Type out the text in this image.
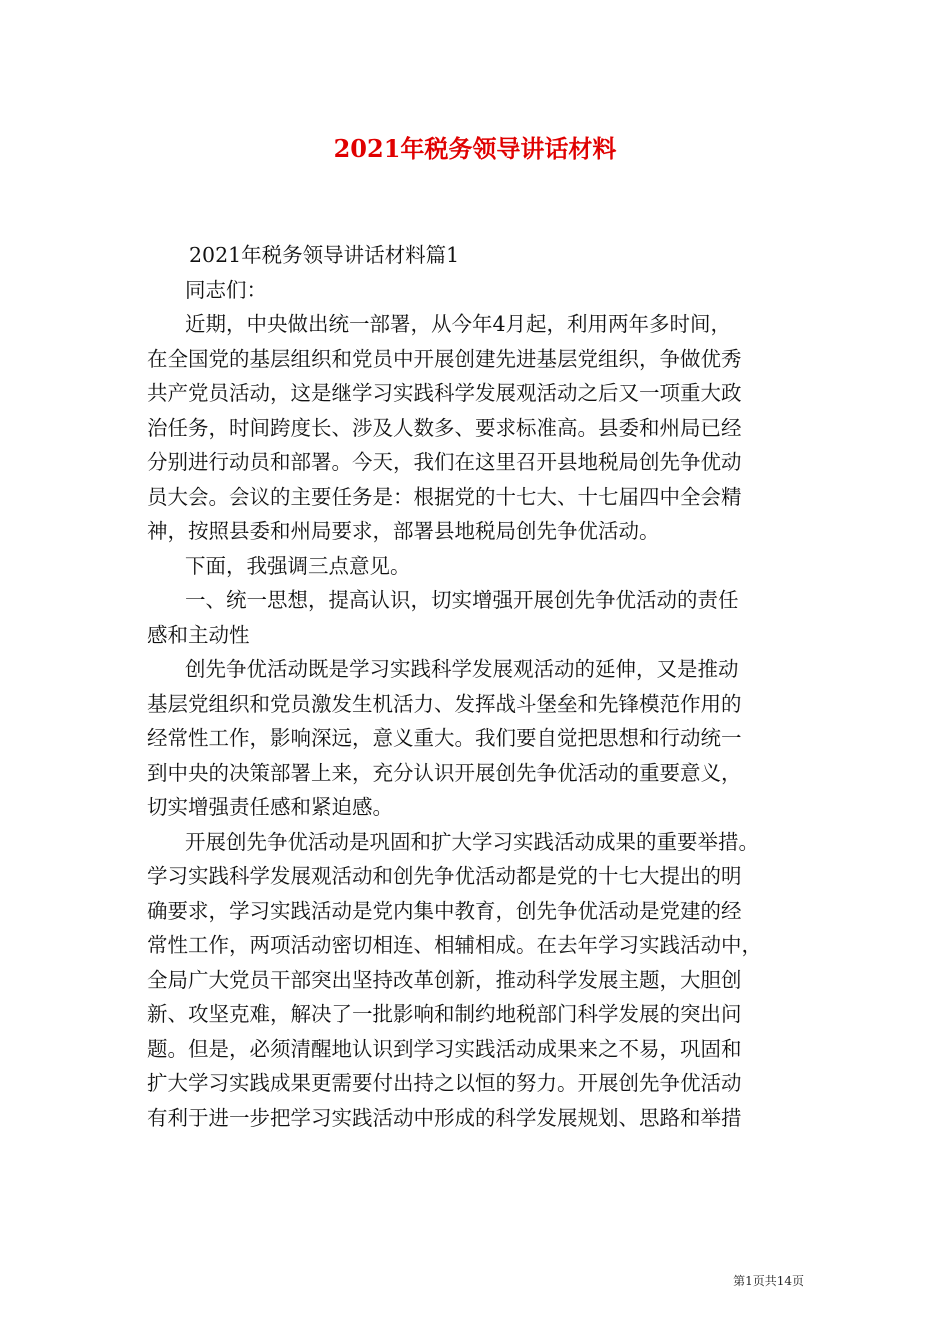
2021年税务领导讲话材料
2021年税务领导讲话材料篇1
同志们：
近期，中央做出统一部署，从今年4月起，利用两年多时间，
在全国党的基层组织和党员中开展创建先进基层党组织，争做优秀
共产党员活动，这是继学习实践科学发展观活动之后又一项重大政
治任务，时间跨度长、涉及人数多、要求标准高。县委和州局已经
分别进行动员和部署。今天，我们在这里召开县地税局创先争优动
员大会。会议的主要任务是：根据党的十七大、十七届四中全会精
神，按照县委和州局要求，部署县地税局创先争优活动。
下面，我强调三点意见。
一、统一思想，提高认识，切实增强开展创先争优活动的责任
感和主动性
创先争优活动既是学习实践科学发展观活动的延伸，又是推动
基层党组织和党员激发生机活力、发挥战斗堡垒和先锋模范作用的
经常性工作，影响深远，意义重大。我们要自觉把思想和行动统一
到中央的决策部署上来，充分认识开展创先争优活动的重要意义，
切实增强责任感和紧迫感。
开展创先争优活动是巩固和扩大学习实践活动成果的重要举措。
学习实践科学发展观活动和创先争优活动都是党的十七大提出的明
确要求，学习实践活动是党内集中教育，创先争优活动是党建的经
常性工作，两项活动密切相连、相辅相成。在去年学习实践活动中，
全局广大党员干部突出坚持改革创新，推动科学发展主题，大胆创
新、攻坚克难，解决了一批影响和制约地税部门科学发展的突出问
题。但是，必须清醒地认识到学习实践活动成果来之不易，巩固和
扩大学习实践成果更需要付出持之以恒的努力。开展创先争优活动
有利于进一步把学习实践活动中形成的科学发展规划、思路和举措
第1页共14页
